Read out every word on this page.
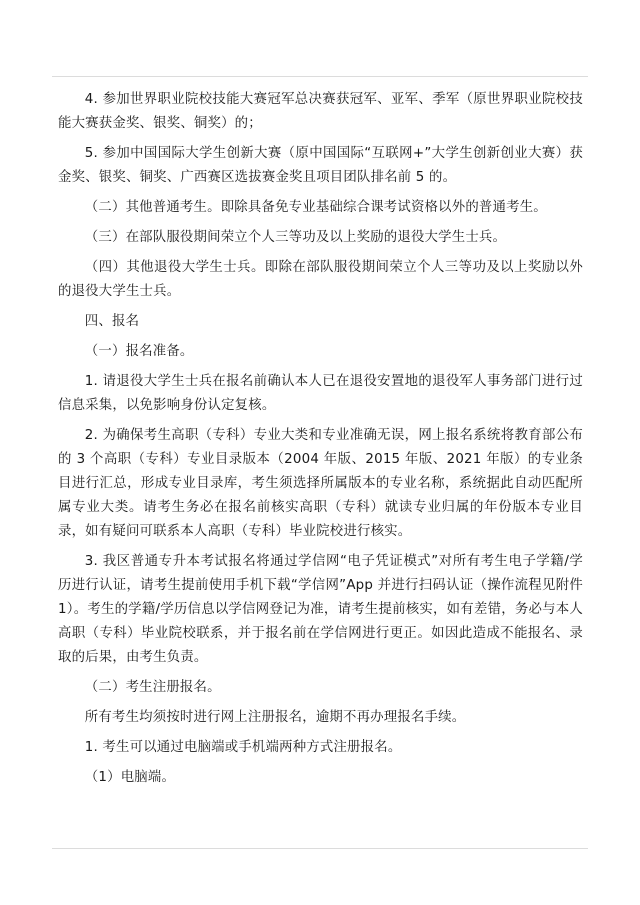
4. 参加世界职业院校技能大赛冠军总决赛获冠军、亚军、季军（原世界职业院校技能大赛获金奖、银奖、铜奖）的；

5. 参加中国国际大学生创新大赛（原中国国际“互联网+”大学生创新创业大赛）获金奖、银奖、铜奖、广西赛区选拔赛金奖且项目团队排名前 5 的。

（二）其他普通考生。即除具备免专业基础综合课考试资格以外的普通考生。

（三）在部队服役期间荣立个人三等功及以上奖励的退役大学生士兵。

（四）其他退役大学生士兵。即除在部队服役期间荣立个人三等功及以上奖励以外的退役大学生士兵。

四、报名

（一）报名准备。

1. 请退役大学生士兵在报名前确认本人已在退役安置地的退役军人事务部门进行过信息采集，以免影响身份认定复核。

2. 为确保考生高职（专科）专业大类和专业准确无误，网上报名系统将教育部公布的 3 个高职（专科）专业目录版本（2004 年版、2015 年版、2021 年版）的专业条目进行汇总，形成专业目录库，考生须选择所属版本的专业名称，系统据此自动匹配所属专业大类。请考生务必在报名前核实高职（专科）就读专业归属的年份版本专业目录，如有疑问可联系本人高职（专科）毕业院校进行核实。

3. 我区普通专升本考试报名将通过学信网“电子凭证模式”对所有考生电子学籍/学历进行认证，请考生提前使用手机下载“学信网”App 并进行扫码认证（操作流程见附件 1）。考生的学籍/学历信息以学信网登记为准，请考生提前核实，如有差错，务必与本人高职（专科）毕业院校联系，并于报名前在学信网进行更正。如因此造成不能报名、录取的后果，由考生负责。

（二）考生注册报名。

所有考生均须按时进行网上注册报名，逾期不再办理报名手续。

1. 考生可以通过电脑端或手机端两种方式注册报名。

（1）电脑端。
